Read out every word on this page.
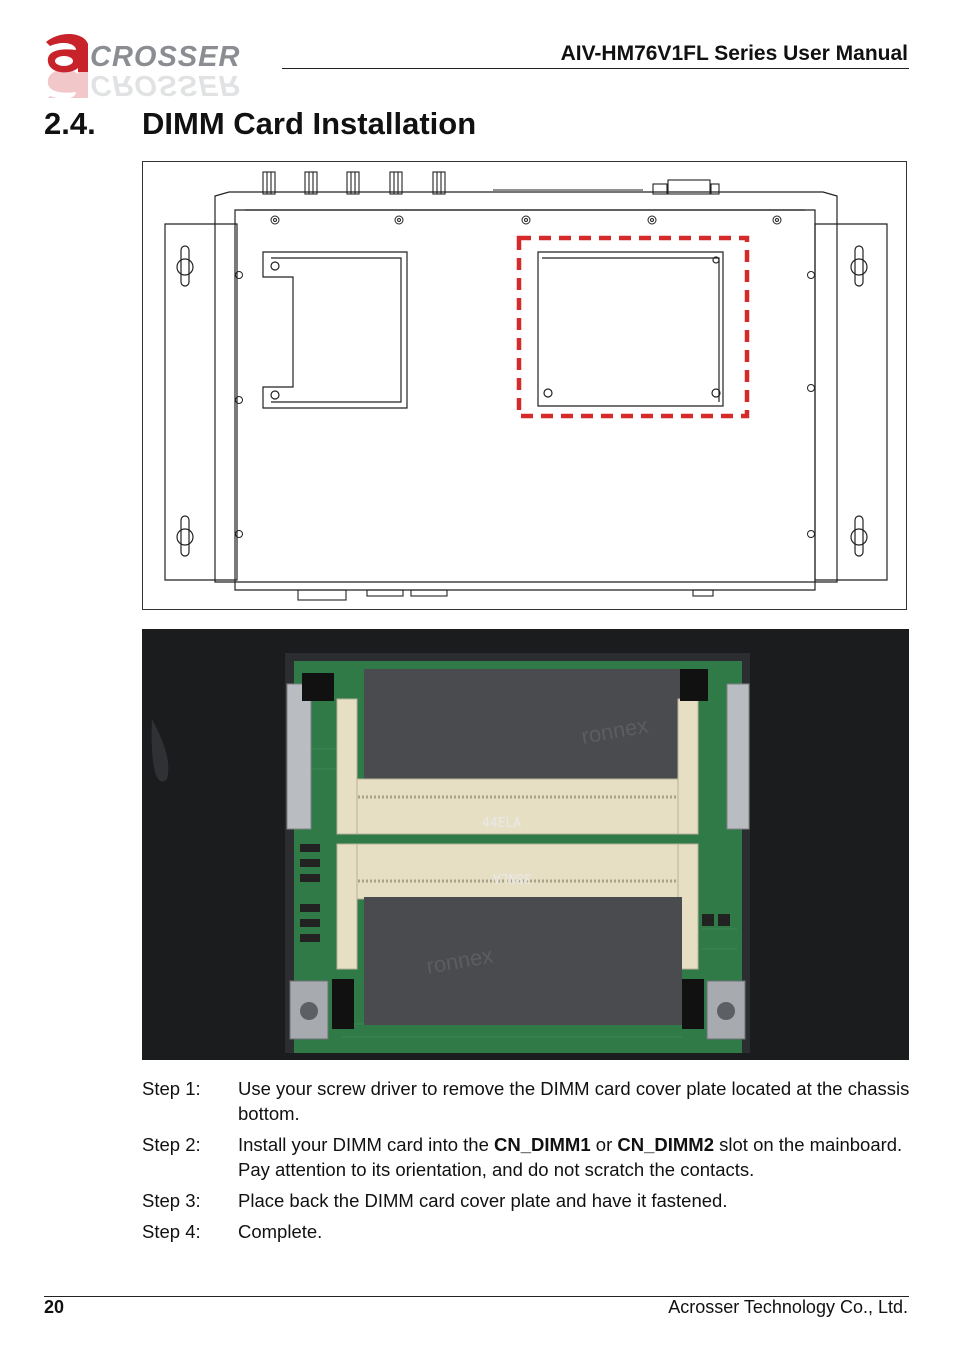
CROSSER
CROSSER
AIV-HM76V1FL Series User Manual
2.4. DIMM Card Installation
44ELA
38NLA
ronnex
ronnex
Step 1:	Use your screw driver to remove the DIMM card cover plate located at the chassis bottom.
Step 2:	Install your DIMM card into the CN_DIMM1 or CN_DIMM2 slot on the mainboard. Pay attention to its orientation, and do not scratch the contacts.
Step 3:	Place back the DIMM card cover plate and have it fastened.
Step 4:	Complete.
20	Acrosser Technology Co., Ltd.
